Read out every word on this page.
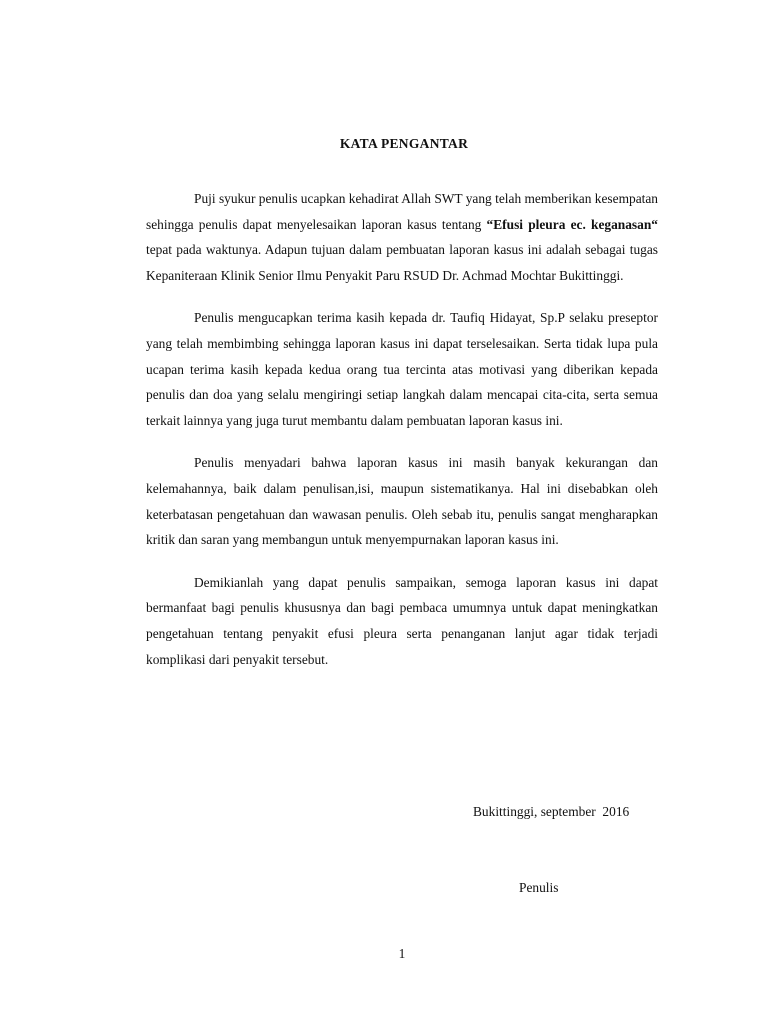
KATA PENGANTAR

Puji syukur penulis ucapkan kehadirat Allah SWT yang telah memberikan kesempatan sehingga penulis dapat menyelesaikan laporan kasus tentang “Efusi pleura ec. keganasan“ tepat pada waktunya. Adapun tujuan dalam pembuatan laporan kasus ini adalah sebagai tugas Kepaniteraan Klinik Senior Ilmu Penyakit Paru RSUD Dr. Achmad Mochtar Bukittinggi.

Penulis mengucapkan terima kasih kepada dr. Taufiq Hidayat, Sp.P selaku preseptor yang telah membimbing sehingga laporan kasus ini dapat terselesaikan. Serta tidak lupa pula ucapan terima kasih kepada kedua orang tua tercinta atas motivasi yang diberikan kepada penulis dan doa yang selalu mengiringi setiap langkah dalam mencapai cita-cita, serta semua terkait lainnya yang juga turut membantu dalam pembuatan laporan kasus ini.

Penulis menyadari bahwa laporan kasus ini masih banyak kekurangan dan kelemahannya, baik dalam penulisan,isi, maupun sistematikanya. Hal ini disebabkan oleh keterbatasan pengetahuan dan wawasan penulis. Oleh sebab itu, penulis sangat mengharapkan kritik dan saran yang membangun untuk menyempurnakan laporan kasus ini.

Demikianlah yang dapat penulis sampaikan, semoga laporan kasus ini dapat bermanfaat bagi penulis khususnya dan bagi pembaca umumnya untuk dapat meningkatkan pengetahuan tentang penyakit efusi pleura serta penanganan lanjut agar tidak terjadi komplikasi dari penyakit tersebut.

Bukittinggi, september  2016
Penulis
1
